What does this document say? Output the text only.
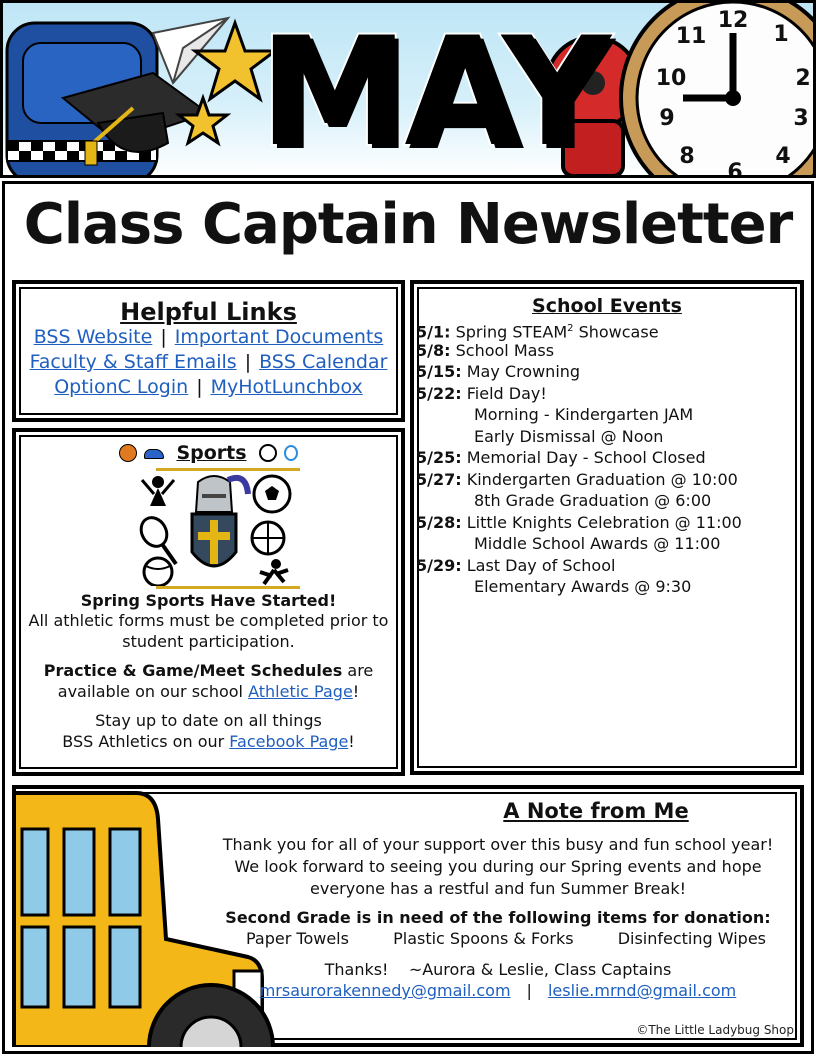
12
1
2
3
4
6
8
9
10
11
MAY
Class Captain Newsletter
Helpful Links
BSS Website | Important Documents
Faculty & Staff Emails | BSS Calendar
OptionC Login | MyHotLunchbox
Sports

Spring Sports Have Started!

All athletic forms must be completed prior to

student participation.

Practice & Game/Meet Schedules are

available on our school Athletic Page!

Stay up to date on all things

BSS Athletics on our Facebook Page!

School Events
5/1: Spring STEAM$^2$ Showcase
5/8: School Mass
5/15: May Crowning
5/22: Field Day!
Morning - Kindergarten JAM
Early Dismissal @ Noon
5/25: Memorial Day - School Closed
5/27: Kindergarten Graduation @ 10:00
8th Grade Graduation @ 6:00
5/28: Little Knights Celebration @ 11:00
Middle School Awards @ 11:00
5/29: Last Day of School
Elementary Awards @ 9:30
A Note from Me

Thank you for all of your support over this busy and fun school year!

We look forward to seeing you during our Spring events and hope

everyone has a restful and fun Summer Break!

Second Grade is in need of the following items for donation:

Paper Towels	Plastic Spoons & Forks	Disinfecting Wipes

Thanks!    ~Aurora & Leslie, Class Captains

mrsaurorakennedy@gmail.com | leslie.mrnd@gmail.com

©The Little Ladybug Shop
